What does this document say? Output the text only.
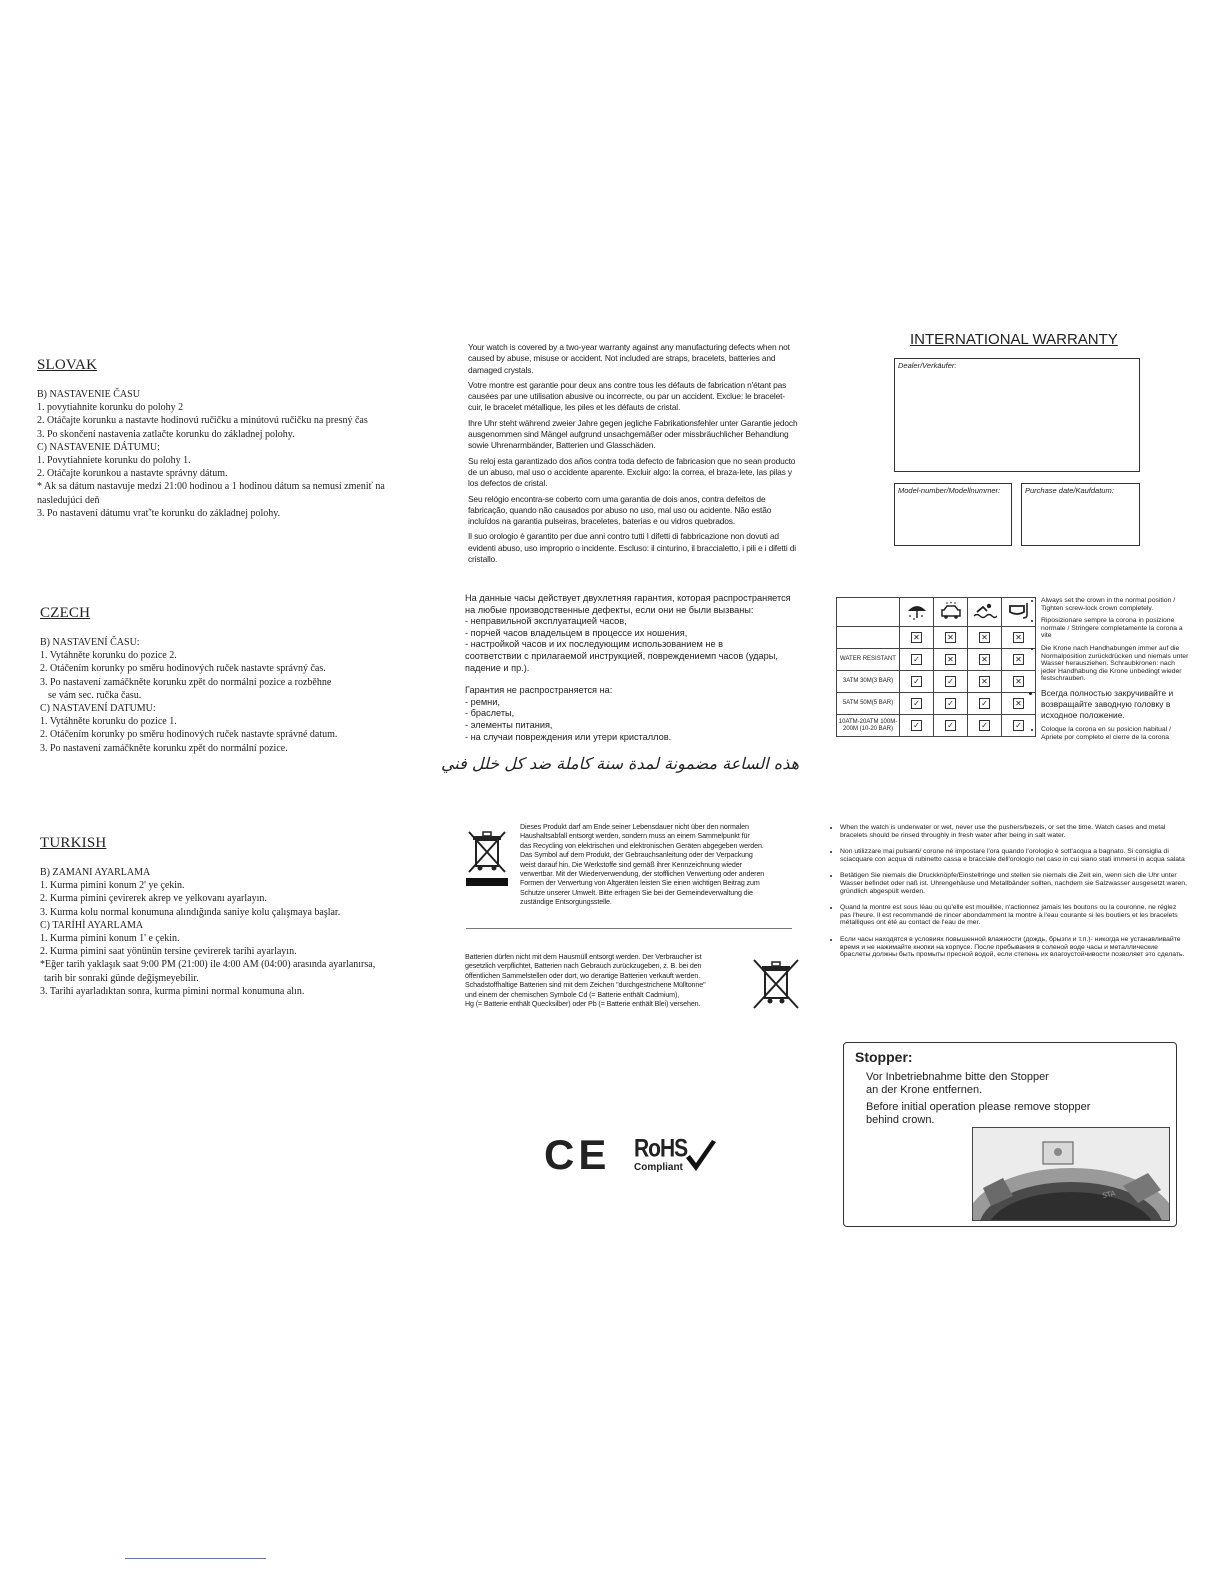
SLOVAK
B) NASTAVENIE ČASU
1. povytiahnite korunku do polohy 2
2. Otáčajte korunku a nastavte hodinovú ručičku a minútovú ručičku na presný čas
3. Po skončení nastavenia zatlačte korunku do základnej polohy.
C) NASTAVENIE DÁTUMU:
1. Povytiahniete korunku do polohy 1.
2. Otáčajte korunkou a nastavte správny dátum.
* Ak sa dátum nastavuje medzi 21:00 hodinou a 1 hodinou dátum sa nemusí zmeniť na
nasledujúci deň
3. Po nastavení dátumu vrať'te korunku do základnej polohy.
CZECH
B) NASTAVENÍ ČASU:
1. Vytáhněte korunku do pozice 2.
2. Otáčením korunky po směru hodinových ruček nastavte správný čas.
3. Po nastavení zamáčkněte korunku zpět do normální pozice a rozběhne
se vám sec. ručka času.
C) NASTAVENÍ DATUMU:
1. Vytáhněte korunku do pozice 1.
2. Otáčením korunky po směru hodinových ruček nastavte správné datum.
3. Po nastavení zamáčkněte korunku zpět do normální pozice.
TURKISH
B) ZAMANI AYARLAMA
1. Kurma pimini konum 2' ye çekin.
2. Kurma pimini çevirerek akrep ve yelkovanı ayarlayın.
3. Kurma kolu normal konumuna alındığında saniye kolu çalışmaya başlar.
C) TARİHİ AYARLAMA
1. Kurma pimini konum 1' e çekin.
2. Kurma pimini saat yönünün tersine çevirerek tarihi ayarlayın.
*Eğer tarih yaklaşık saat 9:00 PM (21:00) ile 4:00 AM (04:00) arasında ayarlanırsa,
tarih bir sonraki günde değişmeyebilir.
3. Tarihi ayarladıktan sonra, kurma pimini normal konumuna alın.

Your watch is covered by a two-year warranty against any manufacturing defects when not caused by abuse, misuse or accident. Not included are straps, bracelets, batteries and damaged crystals.

Votre montre est garantie pour deux ans contre tous les défauts de fabrication n'étant pas causées par une utilisation abusive ou incorrecte, ou par un accident. Exclue: le bracelet-cuir, le bracelet métallique, les piles et les défauts de cristal.

Ihre Uhr steht während zweier Jahre gegen jegliche Fabrikationsfehler unter Garantie jedoch ausgenommen sind Mängel aufgrund unsachgemäßer oder missbräuchlicher Behandlung sowie Uhrenarmbänder, Batterien und Glasschäden.

Su reloj esta garantizado dos años contra toda defecto de fabricasion que no sean producto de un abuso, mal uso o accidente aparente. Excluir algo: la correa, el braza-lete, las pilas y los defectos de cristal.

Seu relógio encontra-se coberto com uma garantia de dois anos, contra defeitos de fabricação, quando não causados por abuso no uso, mal uso ou acidente. Não estão incluídos na garantia pulseiras, braceletes, baterias e ou vidros quebrados.

Il suo orologio è garantito per due anni contro tutti I difetti di fabbricazione non dovuti ad evidenti abuso, uso improprio o incidente. Escluso: il cinturino, il braccialetto, i pili e i difetti di cristallo.

INTERNATIONAL WARRANTY
Dealer/Verkäufer:
Model-number/Modellnummer:	Purchase date/Kaufdatum:
На данные часы действует двухлетняя гарантия, которая распространяется
на любые производственные дефекты, если они не были вызваны:
- неправильной эксплуатацией часов,
- порчей часов владельцем в процессе их ношения,
- настройкой часов и их последующим использованием не в
соответствии с прилагаемой инструкцией, повреждениемп часов (удары,
падение и пр.).
Гарантия не распространяется на:
- ремни,
- браслеты,
- элементы питания,
- на случаи повреждения или утери кристаллов.
هذه الساعة مضمونة لمدة سنة كاملة ضد كل خلل فني

	✕	✕	✕	✕
WATER RESISTANT	✓	✕	✕	✕
3ATM 30M(3 BAR)	✓	✓	✕	✕
5ATM 50M(5 BAR)	✓	✓	✓	✕
10ATM-20ATM 100M-200M (10-20 BAR)	✓	✓	✓	✓
• Always set the crown in the normal position / Tighten screw-lock crown completely.
• Riposizionare sempre la corona in posizione normale / Stringere completamente la corona a vite
• Die Krone nach Handhabungen immer auf die Normalposition zurückdrücken und niemals unter Wasser herausziehen. Schraubkronen: nach jeder Handhabung die Krone unbedingt wieder festschrauben.
• Всегда полностью закручивайте и возвращайте заводную головку в исходное положение.
• Coloque la corona en su posicion habitual / Apriete por completo el cierre de la corona
Dieses Produkt darf am Ende seiner Lebensdauer nicht über den normalen
Haushaltsabfall entsorgt werden, sondern muss an einem Sammelpunkt für
das Recycling von elektrischen und elektronischen Geräten abgegeben werden.
Das Symbol auf dem Produkt, der Gebrauchsanleitung oder der Verpackung
weist darauf hin. Die Werkstoffe sind gemäß ihrer Kennzeichnung wieder
verwertbar. Mit der Wiederverwendung, der stofflichen Verwertung oder anderen
Formen der Verwertung von Altgeräten leisten Sie einen wichtigen Beitrag zum
Schutze unserer Umwelt. Bitte erfragen Sie bei der Gemeindeverwaltung die
zuständige Entsorgungsstelle.
Batterien dürfen nicht mit dem Hausmüll entsorgt werden. Der Verbraucher ist
gesetzlich verpflichtet, Batterien nach Gebrauch zurückzugeben, z. B. bei den
öffentlichen Sammelstellen oder dort, wo derartige Batterien verkauft werden.
Schadstoffhaltige Batterien sind mit dem Zeichen "durchgestrichene Mülltonne"
und einem der chemischen Symbole Cd (= Batterie enthält Cadmium),
Hg (= Batterie enthält Quecksilber) oder Pb (= Batterie enthält Blei) versehen.
• When the watch is underwater or wet, never use the pushers/bezels, or set the time. Watch cases and metal bracelets should be rinsed throughly in fresh water after being in salt water.
• Non utilizzare mai pulsanti/ corone né impostare l'ora quando l'orologio è sott'acqua a bagnato. Si consiglia di sciacquare con acqua di rubinetto cassa e bracciale dell'orologio nel caso in cui siano stati immersi in acqua salata
• Betätigen Sie niemals die Druckknöpfe/Einstellringe und stellen sie niemals die Zeit ein, wenn sich die Uhr unter Wasser befindet oder naß ist. Uhrengehäuse und Metallbänder sollten, nachdem sie Salzwasser ausgesetzt waren, gründlich abgespült werden.
• Quand la montre est sous léau ou qu'elle est mouillée, n'actionnez jamais les boutons ou la couronne, ne réglez pas l'heure. Il est recommandé de rincer abondamment la montre à l'eau courante si les boutiers et les bracelets métalliques ont été au contact de l'eau de mer.
• Если часы находятся в условиях повышенной влажности (дождь, брызги и т.п.)- никогда не устанавливайте время и не нажимайте кнопки на корпусе. После пребывания в соленой воде часы и металлические браслеты должны быть промыты пресной водой, если степень их влагоустойчивости позволяет это сделать.
CE RoHS
Compliant
Stopper:
Vor Inbetriebnahme bitte den Stopper
an der Krone entfernen.
Before initial operation please remove stopper
behind crown.
STA
